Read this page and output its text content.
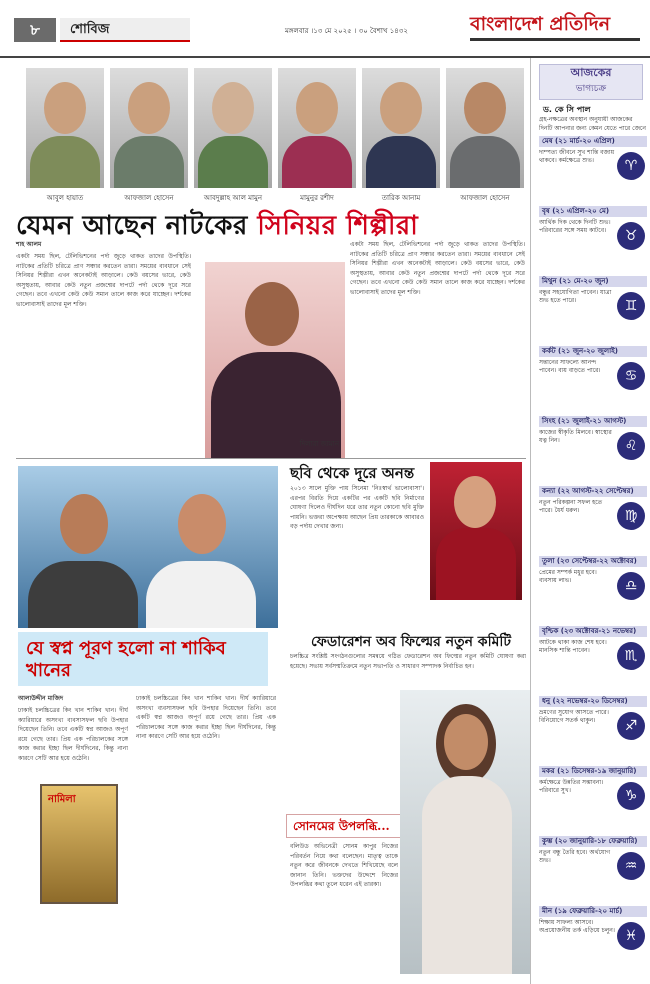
৮	শোবিজ	মঙ্গলবার ।১৩ মে ২০২৫ । ৩০ বৈশাখ ১৪৩২	বাংলাদেশ প্রতিদিন
আবুল হায়াত	আফজাল হোসেন	আবদুল্লাহ আল মামুন	মামুনুর রশীদ	তারিক আনাম	আফজাল হোসেন
যেমন আছেন নাটকের সিনিয়র শিল্পীরা
শাহ আলম
একটা সময় ছিল, টেলিভিশনের পর্দা জুড়ে থাকত তাদের উপস্থিতি। নাটকের প্রতিটি চরিত্রে প্রাণ সঞ্চার করতেন তারা। সময়ের ব্যবধানে সেই সিনিয়র শিল্পীরা এখন অনেকটাই আড়ালে। কেউ বয়সের ভারে, কেউ অসুস্থতায়, আবার কেউ নতুন প্রজন্মের দাপটে পর্দা থেকে দূরে সরে গেছেন। তবে এখনো কেউ কেউ সমান তালে কাজ করে যাচ্ছেন। দর্শকের ভালোবাসাই তাদের মূল শক্তি।
একটা সময় ছিল, টেলিভিশনের পর্দা জুড়ে থাকত তাদের উপস্থিতি। নাটকের প্রতিটি চরিত্রে প্রাণ সঞ্চার করতেন তারা। সময়ের ব্যবধানে সেই সিনিয়র শিল্পীরা এখন অনেকটাই আড়ালে। কেউ বয়সের ভারে, কেউ অসুস্থতায়, আবার কেউ নতুন প্রজন্মের দাপটে পর্দা থেকে দূরে সরে গেছেন। তবে এখনো কেউ কেউ সমান তালে কাজ করে যাচ্ছেন। দর্শকের ভালোবাসাই তাদের মূল শক্তি।
দিলারা জামান
ছবি থেকে দূরে অনন্ত
২০১৩ সালে মুক্তি পায় সিনেমা 'নিঃস্বার্থ ভালোবাসা'। এরপর বিরতি দিয়ে একটির পর একটি ছবি নির্মাণের ঘোষণা দিলেও দীর্ঘদিন ধরে তার নতুন কোনো ছবি মুক্তি পায়নি। ভক্তরা অপেক্ষায় আছেন প্রিয় তারকাকে আবারও বড় পর্দায় দেখার জন্য।
যে স্বপ্ন পূরণ হলো না শাকিব খানের
আলাউদ্দীন মাজিদ
ঢাকাই চলচ্চিত্রের কিং খান শাকিব খান। দীর্ঘ ক্যারিয়ারে অসংখ্য ব্যবসাসফল ছবি উপহার দিয়েছেন তিনি। তবে একটি স্বপ্ন আজও অপূর্ণ রয়ে গেছে তার। প্রিয় এক পরিচালকের সঙ্গে কাজ করার ইচ্ছা ছিল দীর্ঘদিনের, কিন্তু নানা কারণে সেটি আর হয়ে ওঠেনি।
ঢাকাই চলচ্চিত্রের কিং খান শাকিব খান। দীর্ঘ ক্যারিয়ারে অসংখ্য ব্যবসাসফল ছবি উপহার দিয়েছেন তিনি। তবে একটি স্বপ্ন আজও অপূর্ণ রয়ে গেছে তার। প্রিয় এক পরিচালকের সঙ্গে কাজ করার ইচ্ছা ছিল দীর্ঘদিনের, কিন্তু নানা কারণে সেটি আর হয়ে ওঠেনি।
নামিলা
ফেডারেশন অব ফিল্মের নতুন কমিটি
চলচ্চিত্র সংশ্লিষ্ট সংগঠনগুলোর সমন্বয়ে গঠিত ফেডারেশন অব ফিল্মের নতুন কমিটি ঘোষণা করা হয়েছে। সভায় সর্বসম্মতিক্রমে নতুন সভাপতি ও সাধারণ সম্পাদক নির্বাচিত হন।
সোনমের উপলব্ধি...
বলিউড অভিনেত্রী সোনম কাপুর নিজের পরিবর্তন নিয়ে কথা বলেছেন। মাতৃত্ব তাকে নতুন করে জীবনকে দেখতে শিখিয়েছে বলে জানান তিনি। ভক্তদের উদ্দেশে নিজের উপলব্ধির কথা তুলে ধরেন এই তারকা।
আজকের
ভাগ্যচক্র
ড. কে সি পাল
গ্রহ-নক্ষত্রের অবস্থান অনুযায়ী আজকের দিনটি আপনার জন্য কেমন যেতে পারে জেনে
মেষ (২১ মার্চ-২০ এপ্রিল)
দাম্পত্য জীবনে সুখ শান্তি বজায় থাকবে। কর্মক্ষেত্রে শুভ।	♈
বৃষ (২১ এপ্রিল-২০ মে)
আর্থিক দিক থেকে দিনটি শুভ। পরিবারের সঙ্গে সময় কাটবে।	♉
মিথুন (২১ মে-২০ জুন)
বন্ধুর সহযোগিতা পাবেন। যাত্রা শুভ হতে পারে।	♊
কর্কট (২১ জুন-২০ জুলাই)
সন্তানের সাফল্যে আনন্দ পাবেন। ব্যয় বাড়তে পারে।	♋
সিংহ (২১ জুলাই-২১ আগস্ট)
কাজের স্বীকৃতি মিলবে। স্বাস্থ্যের যত্ন নিন।	♌
কন্যা (২২ আগস্ট-২২ সেপ্টেম্বর)
নতুন পরিকল্পনা সফল হতে পারে। ধৈর্য ধরুন।	♍
তুলা (২৩ সেপ্টেম্বর-২২ অক্টোবর)
প্রেমের সম্পর্ক মধুর হবে। ব্যবসায় লাভ।	♎
বৃশ্চিক (২৩ অক্টোবর-২১ নভেম্বর)
আটকে থাকা কাজ শেষ হবে। মানসিক শান্তি পাবেন।	♏
ধনু (২২ নভেম্বর-২০ ডিসেম্বর)
ভ্রমণের সুযোগ আসতে পারে। বিনিয়োগে সতর্ক থাকুন।	♐
মকর (২১ ডিসেম্বর-১৯ জানুয়ারি)
কর্মক্ষেত্রে উন্নতির সম্ভাবনা। পরিবারে সুখ।	♑
কুম্ভ (২০ জানুয়ারি-১৮ ফেব্রুয়ারি)
নতুন বন্ধু তৈরি হবে। অর্থযোগ শুভ।	♒
মীন (১৯ ফেব্রুয়ারি-২০ মার্চ)
শিক্ষায় সাফল্য আসবে। অপ্রয়োজনীয় তর্ক এড়িয়ে চলুন। ♓
